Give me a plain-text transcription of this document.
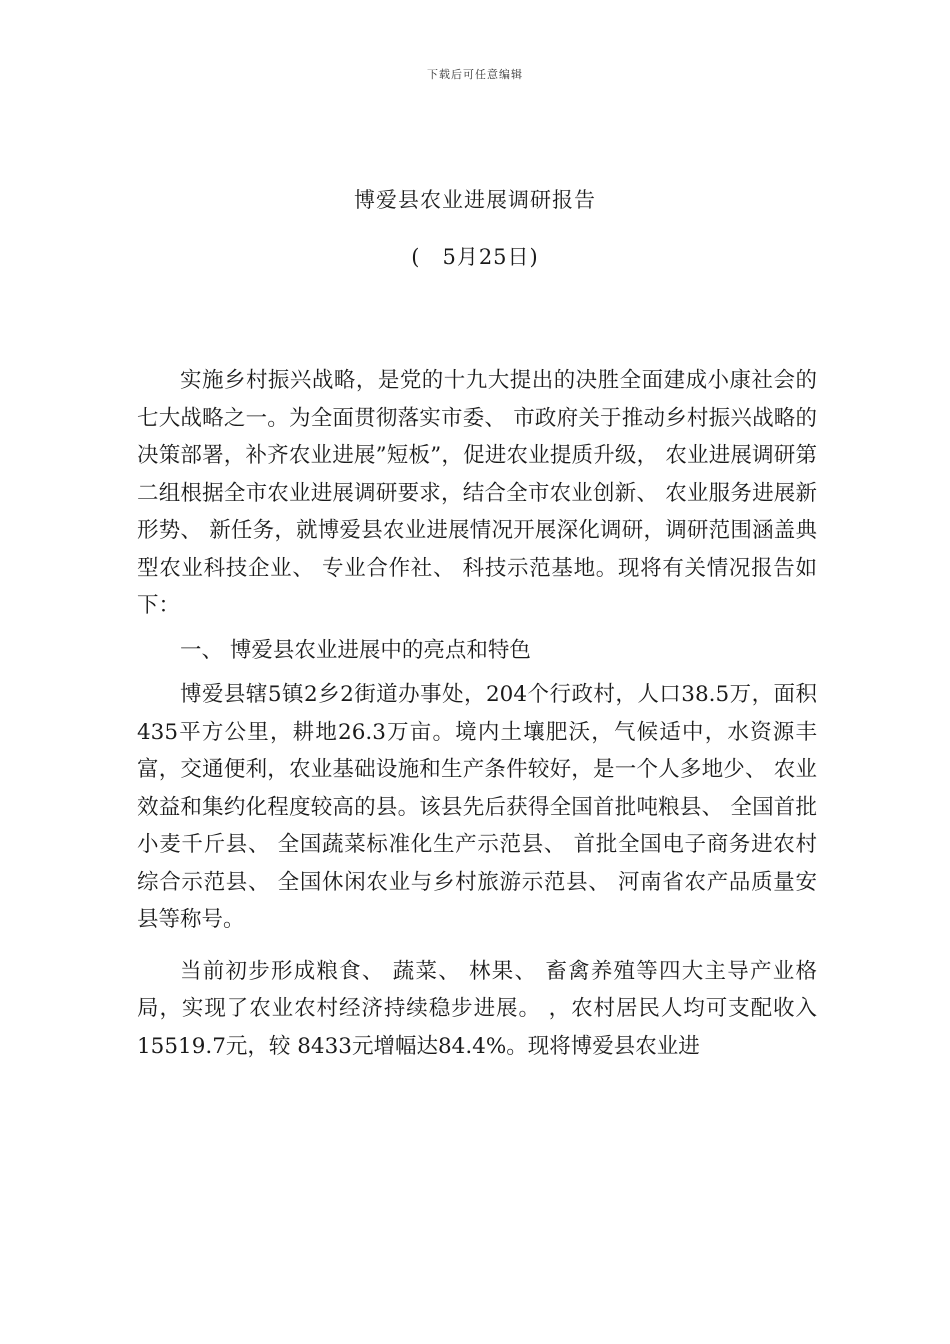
下载后可任意编辑
博爱县农业进展调研报告
(　5月25日)

实施乡村振兴战略，是党的十九大提出的决胜全面建成小康社会的七大战略之一。为全面贯彻落实市委、 市政府关于推动乡村振兴战略的决策部署，补齐农业进展”短板”，促进农业提质升级， 农业进展调研第二组根据全市农业进展调研要求，结合全市农业创新、 农业服务进展新形势、 新任务，就博爱县农业进展情况开展深化调研，调研范围涵盖典型农业科技企业、 专业合作社、 科技示范基地。现将有关情况报告如下：

一、 博爱县农业进展中的亮点和特色

博爱县辖5镇2乡2街道办事处，204个行政村，人口38.5万，面积435平方公里，耕地26.3万亩。境内土壤肥沃，气候适中，水资源丰富，交通便利，农业基础设施和生产条件较好，是一个人多地少、 农业效益和集约化程度较高的县。该县先后获得全国首批吨粮县、 全国首批小麦千斤县、 全国蔬菜标准化生产示范县、 首批全国电子商务进农村综合示范县、 全国休闲农业与乡村旅游示范县、 河南省农产品质量安县等称号。

当前初步形成粮食、 蔬菜、 林果、 畜禽养殖等四大主导产业格局，实现了农业农村经济持续稳步进展。 ，农村居民人均可支配收入15519.7元，较 8433元增幅达84.4%。现将博爱县农业进
